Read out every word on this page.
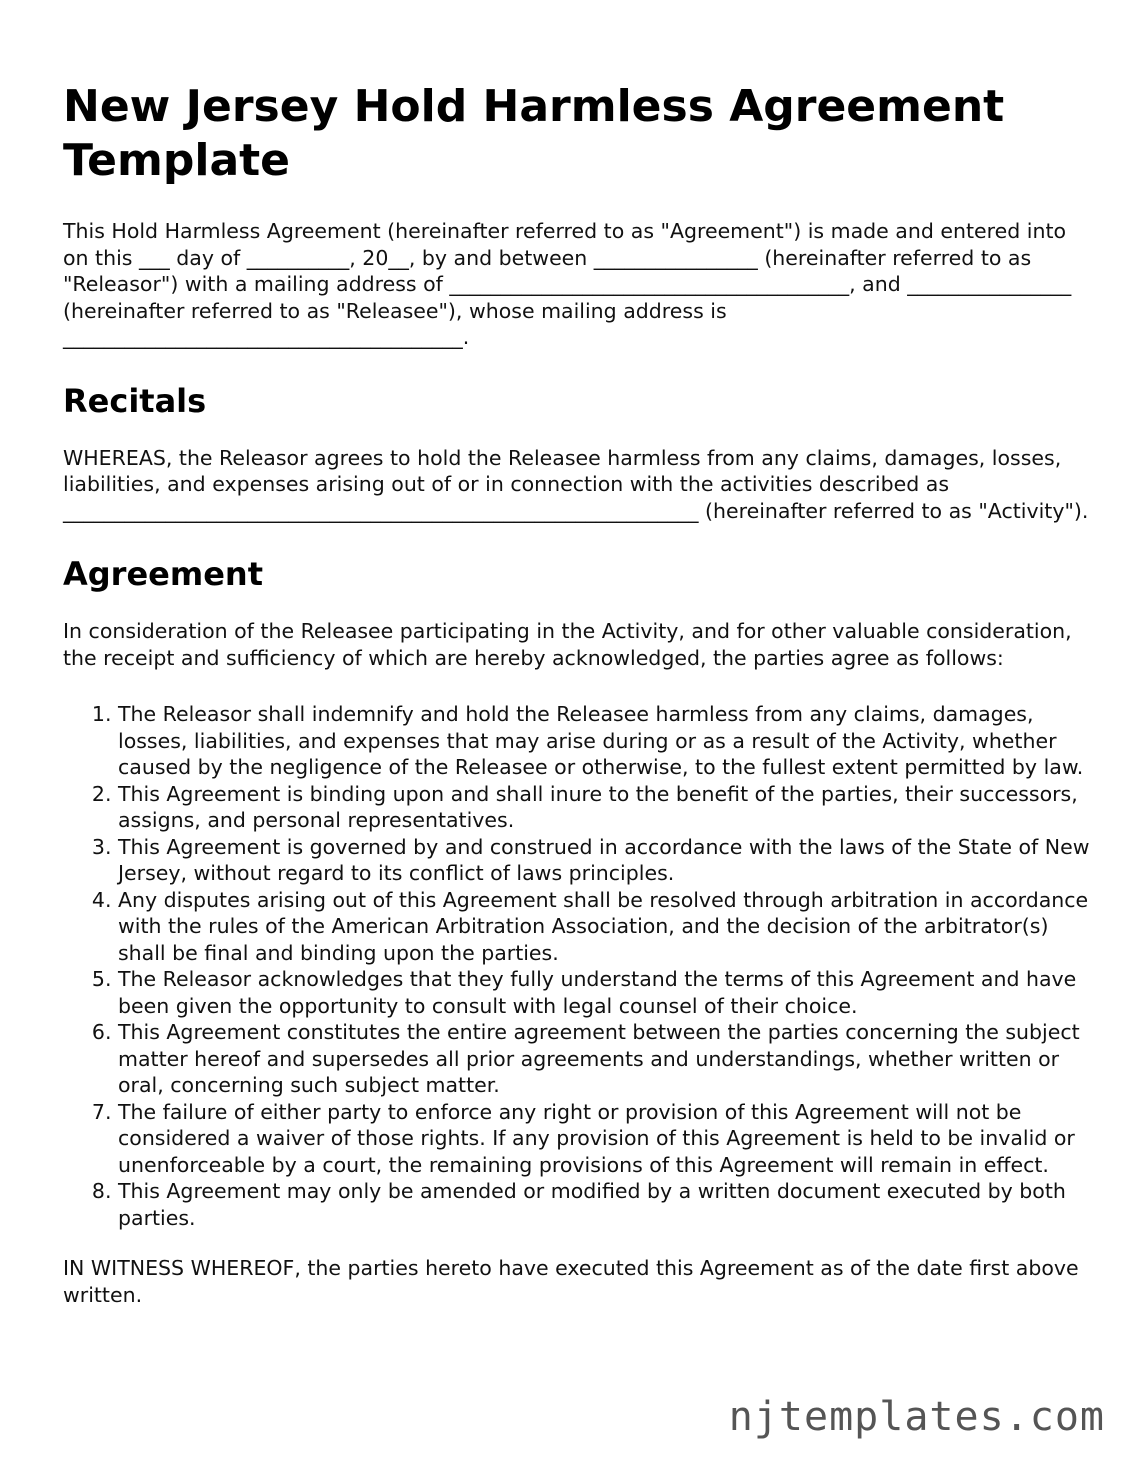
New Jersey Hold Harmless Agreement Template

This Hold Harmless Agreement (hereinafter referred to as "Agreement") is made and entered into on this ___ day of __________, 20__, by and between ________________ (hereinafter referred to as "Releasor") with a mailing address of _______________________________________, and ________________ (hereinafter referred to as "Releasee"), whose mailing address is _______________________________________.

Recitals

WHEREAS, the Releasor agrees to hold the Releasee harmless from any claims, damages, losses, liabilities, and expenses arising out of or in connection with the activities described as ______________________________________________________________ (hereinafter referred to as "Activity").

Agreement

In consideration of the Releasee participating in the Activity, and for other valuable consideration, the receipt and sufficiency of which are hereby acknowledged, the parties agree as follows:

1. The Releasor shall indemnify and hold the Releasee harmless from any claims, damages, losses, liabilities, and expenses that may arise during or as a result of the Activity, whether caused by the negligence of the Releasee or otherwise, to the fullest extent permitted by law.
2. This Agreement is binding upon and shall inure to the benefit of the parties, their successors, assigns, and personal representatives.
3. This Agreement is governed by and construed in accordance with the laws of the State of New Jersey, without regard to its conflict of laws principles.
4. Any disputes arising out of this Agreement shall be resolved through arbitration in accordance with the rules of the American Arbitration Association, and the decision of the arbitrator(s) shall be final and binding upon the parties.
5. The Releasor acknowledges that they fully understand the terms of this Agreement and have been given the opportunity to consult with legal counsel of their choice.
6. This Agreement constitutes the entire agreement between the parties concerning the subject matter hereof and supersedes all prior agreements and understandings, whether written or oral, concerning such subject matter.
7. The failure of either party to enforce any right or provision of this Agreement will not be considered a waiver of those rights. If any provision of this Agreement is held to be invalid or unenforceable by a court, the remaining provisions of this Agreement will remain in effect.
8. This Agreement may only be amended or modified by a written document executed by both parties.

IN WITNESS WHEREOF, the parties hereto have executed this Agreement as of the date first above written.

njtemplates.com
